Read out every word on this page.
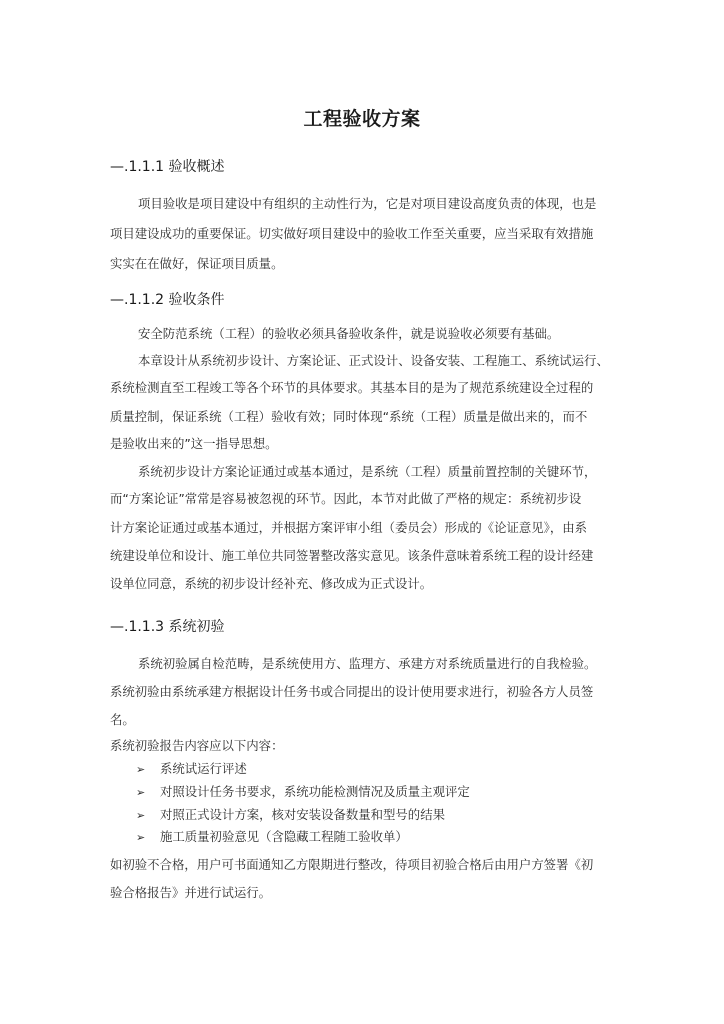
工程验收方案
—.1.1.1 验收概述
项目验收是项目建设中有组织的主动性行为，它是对项目建设高度负责的体现，也是
项目建设成功的重要保证。切实做好项目建设中的验收工作至关重要，应当采取有效措施
实实在在做好，保证项目质量。
—.1.1.2 验收条件
安全防范系统（工程）的验收必须具备验收条件，就是说验收必须要有基础。
本章设计从系统初步设计、方案论证、正式设计、设备安装、工程施工、系统试运行、
系统检测直至工程竣工等各个环节的具体要求。其基本目的是为了规范系统建设全过程的
质量控制，保证系统（工程）验收有效；同时体现“系统（工程）质量是做出来的，而不
是验收出来的”这一指导思想。
系统初步设计方案论证通过或基本通过，是系统（工程）质量前置控制的关键环节，
而“方案论证”常常是容易被忽视的环节。因此，本节对此做了严格的规定：系统初步设
计方案论证通过或基本通过，并根据方案评审小组（委员会）形成的《论证意见》，由系
统建设单位和设计、施工单位共同签署整改落实意见。该条件意味着系统工程的设计经建
设单位同意，系统的初步设计经补充、修改成为正式设计。
—.1.1.3 系统初验
系统初验属自检范畴，是系统使用方、监理方、承建方对系统质量进行的自我检验。
系统初验由系统承建方根据设计任务书或合同提出的设计使用要求进行，初验各方人员签
名。
系统初验报告内容应以下内容：
➢ 系统试运行评述
➢ 对照设计任务书要求，系统功能检测情况及质量主观评定
➢ 对照正式设计方案，核对安装设备数量和型号的结果
➢ 施工质量初验意见（含隐藏工程随工验收单）
如初验不合格，用户可书面通知乙方限期进行整改，待项目初验合格后由用户方签署《初
验合格报告》并进行试运行。
